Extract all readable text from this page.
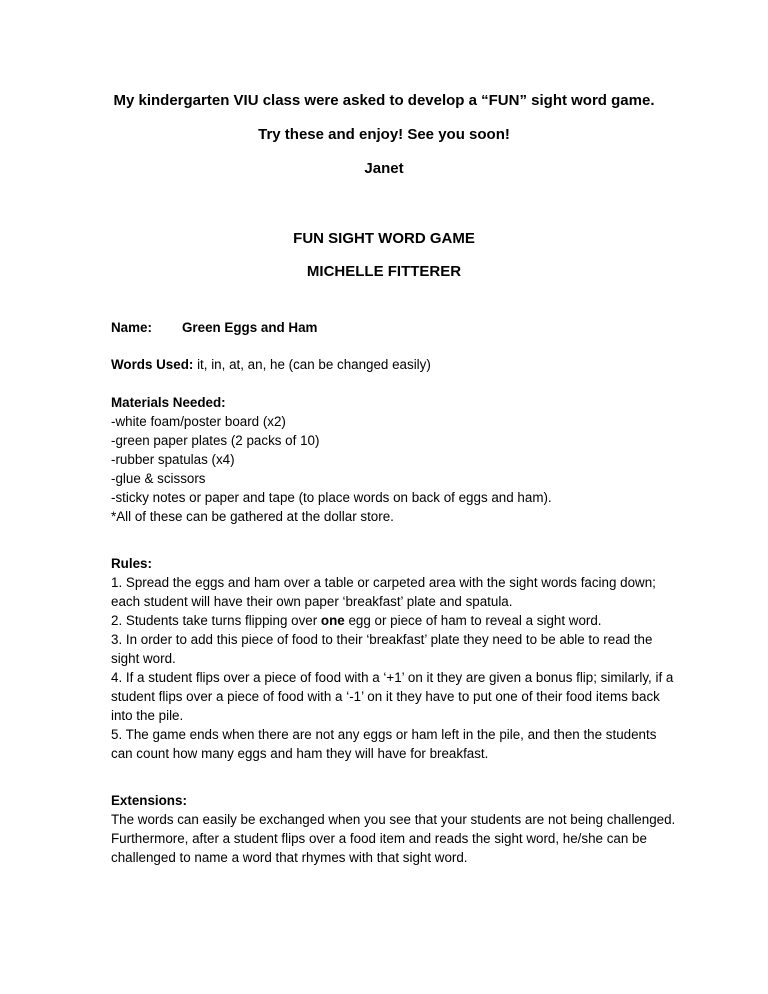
My kindergarten VIU class were asked to develop a “FUN” sight word game.
Try these and enjoy! See you soon!
Janet
FUN SIGHT WORD GAME
MICHELLE FITTERER
Name: Green Eggs and Ham
Words Used: it, in, at, an, he (can be changed easily)
Materials Needed:
-white foam/poster board (x2)
-green paper plates (2 packs of 10)
-rubber spatulas (x4)
-glue & scissors
-sticky notes or paper and tape (to place words on back of eggs and ham).
*All of these can be gathered at the dollar store.
Rules:
1. Spread the eggs and ham over a table or carpeted area with the sight words facing down;
each student will have their own paper ‘breakfast’ plate and spatula.
2. Students take turns flipping over one egg or piece of ham to reveal a sight word.
3. In order to add this piece of food to their ‘breakfast’ plate they need to be able to read the
sight word.
4. If a student flips over a piece of food with a ‘+1’ on it they are given a bonus flip; similarly, if a
student flips over a piece of food with a ‘-1’ on it they have to put one of their food items back
into the pile.
5. The game ends when there are not any eggs or ham left in the pile, and then the students
can count how many eggs and ham they will have for breakfast.
Extensions:
The words can easily be exchanged when you see that your students are not being challenged.
Furthermore, after a student flips over a food item and reads the sight word, he/she can be
challenged to name a word that rhymes with that sight word.
